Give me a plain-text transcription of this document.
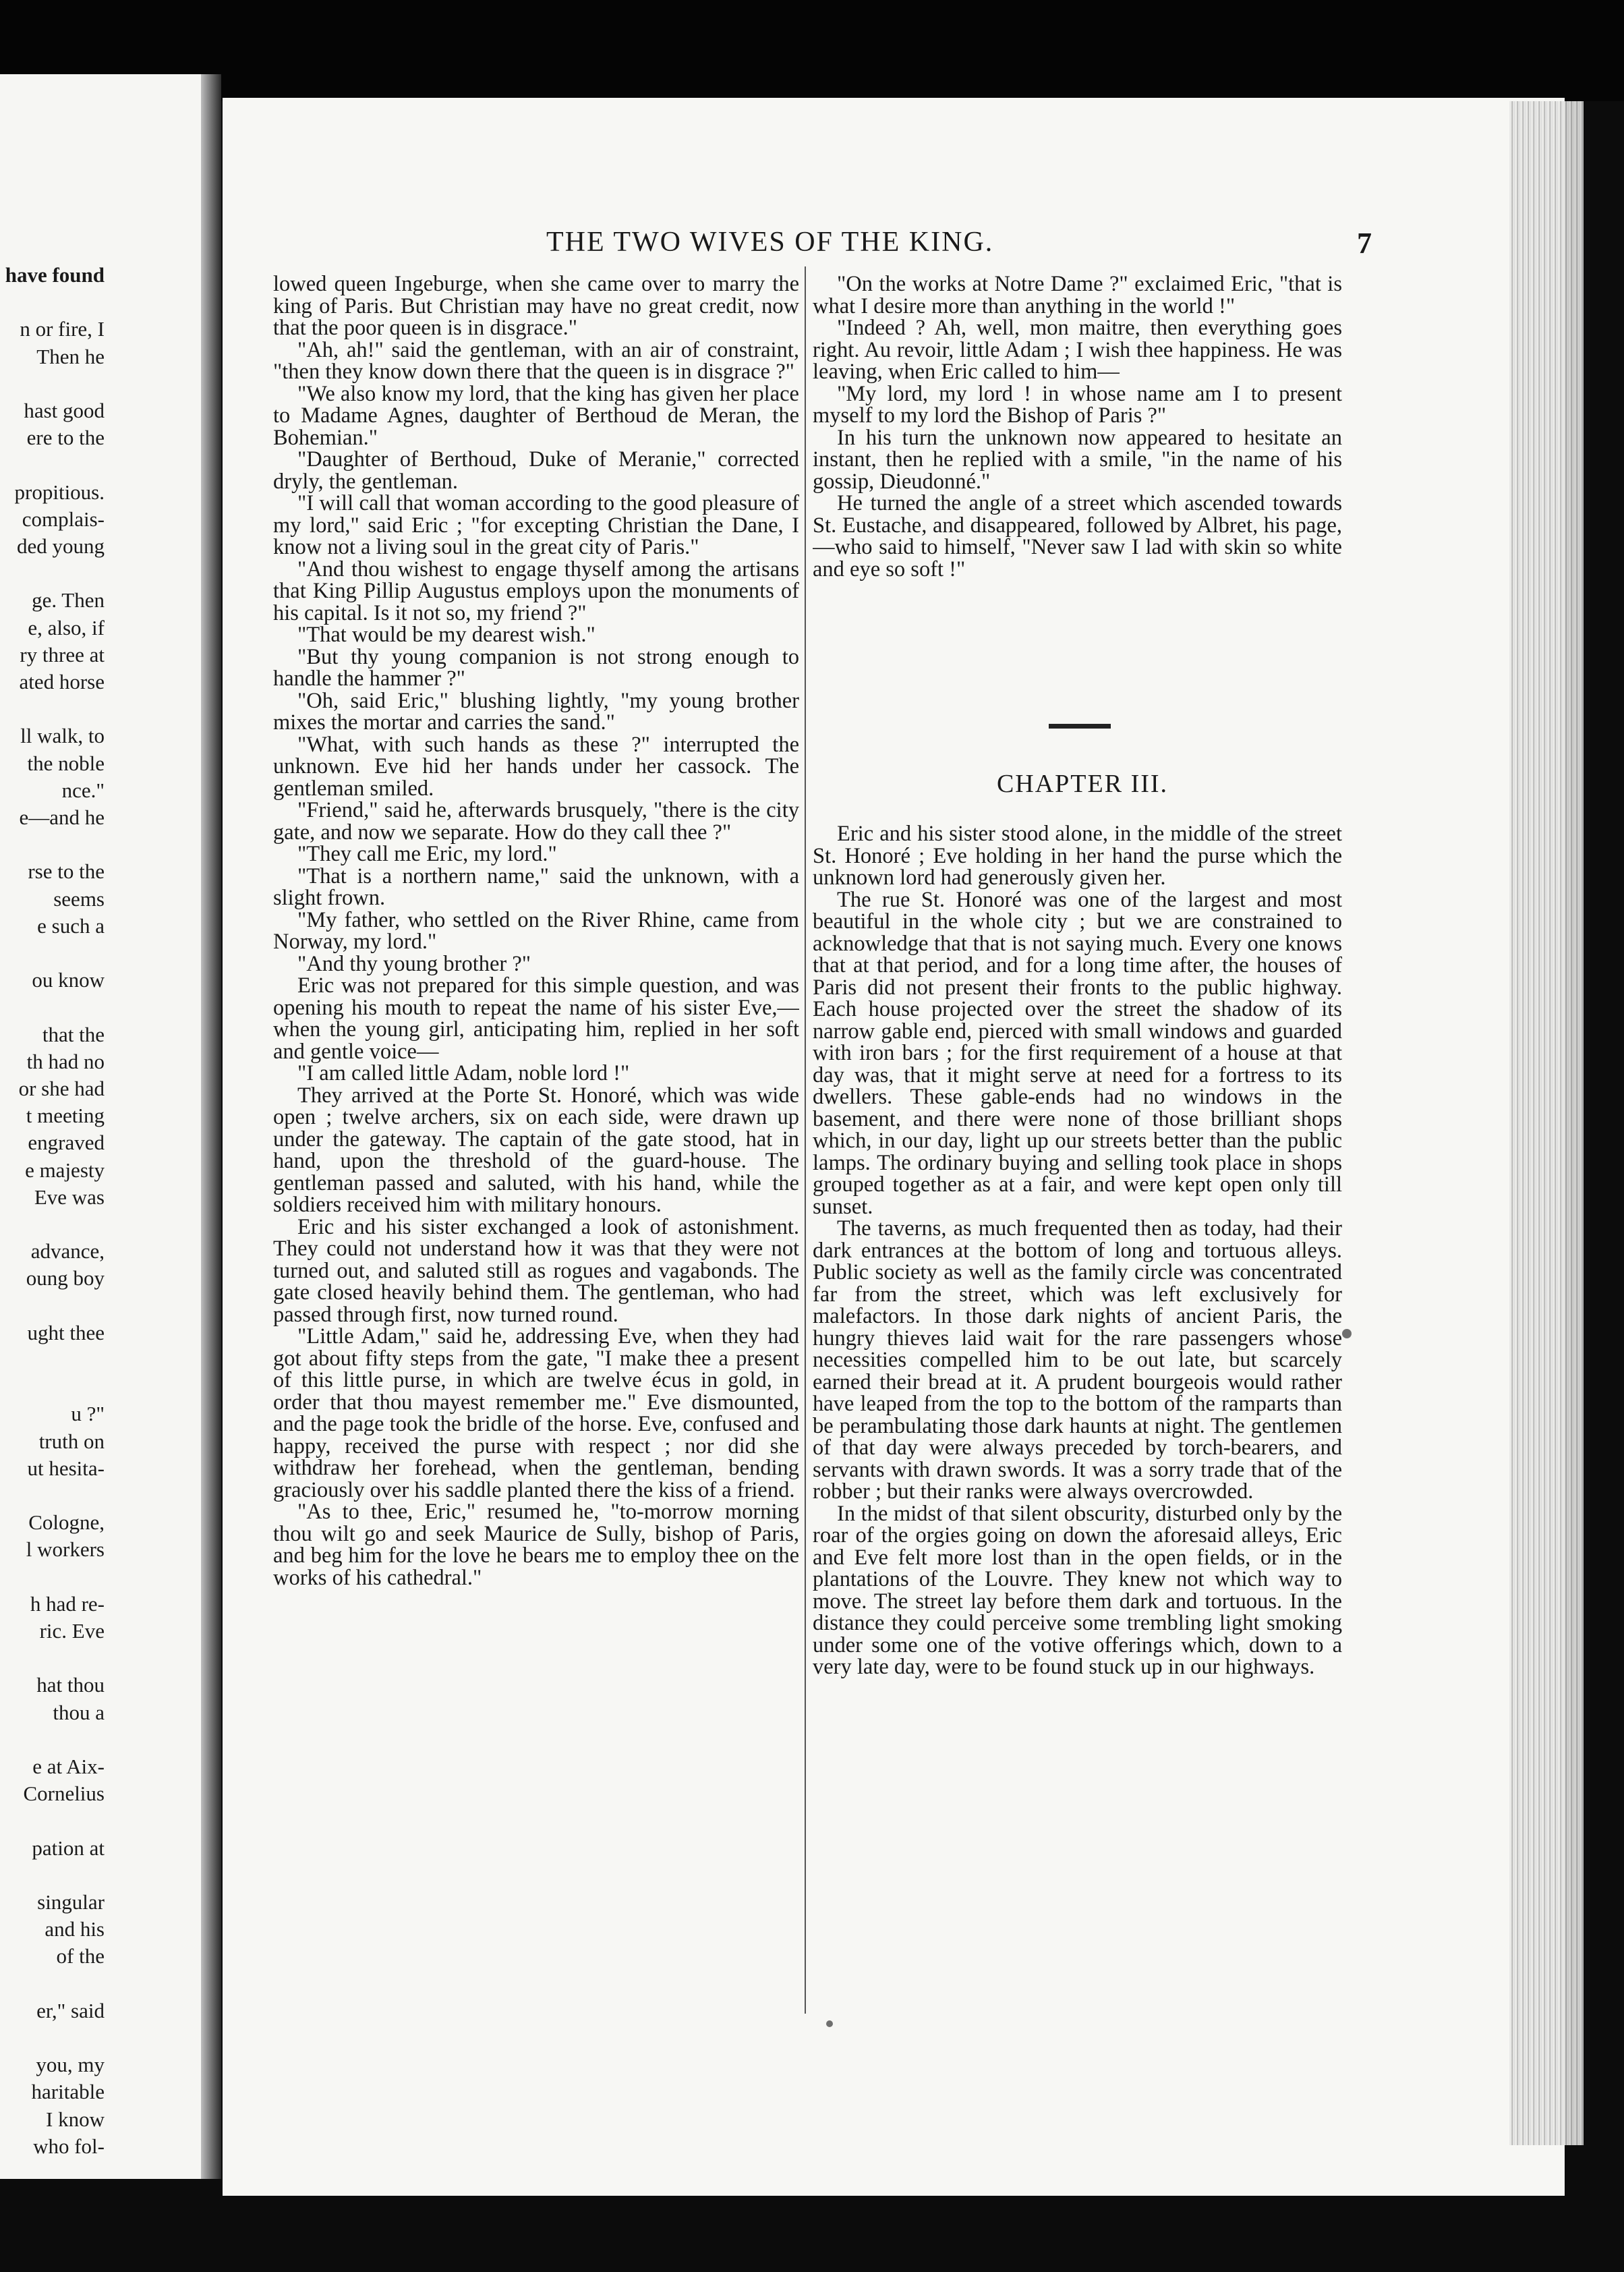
have found
n or fire, I
Then he
hast good
ere to the
propitious.
complais-
ded young
ge. Then
e, also, if
ry three at
ated horse
ll walk, to
the noble
nce."
e—and he
rse to the
seems
e such a
ou know
that the
th had no
or she had
t meeting
engraved
e majesty
Eve was
advance,
oung boy
ught thee
u ?"
truth on
ut hesita-
Cologne,
l workers
h had re-
ric. Eve
hat thou
thou a
e at Aix-
Cornelius
pation at
singular
and his
of the
er," said
you, my
haritable
I know
who fol-
THE TWO WIVES OF THE KING.	7

lowed queen Ingeburge, when she came over to marry the king of Paris. But Christian may have no great credit, now that the poor queen is in disgrace."

"Ah, ah!" said the gentleman, with an air of constraint, "then they know down there that the queen is in disgrace ?"

"We also know my lord, that the king has given her place to Madame Agnes, daughter of Berthoud de Meran, the Bohemian."

"Daughter of Berthoud, Duke of Meranie," corrected dryly, the gentleman.

"I will call that woman according to the good pleasure of my lord," said Eric ; "for excepting Christian the Dane, I know not a living soul in the great city of Paris."

"And thou wishest to engage thyself among the artisans that King Pillip Augustus employs upon the monuments of his capital. Is it not so, my friend ?"

"That would be my dearest wish."

"But thy young companion is not strong enough to handle the hammer ?"

"Oh, said Eric," blushing lightly, "my young brother mixes the mortar and carries the sand."

"What, with such hands as these ?" interrupted the unknown. Eve hid her hands under her cassock. The gentleman smiled.

"Friend," said he, afterwards brusquely, "there is the city gate, and now we separate. How do they call thee ?"

"They call me Eric, my lord."

"That is a northern name," said the unknown, with a slight frown.

"My father, who settled on the River Rhine, came from Norway, my lord."

"And thy young brother ?"

Eric was not prepared for this simple question, and was opening his mouth to repeat the name of his sister Eve,—when the young girl, anticipating him, replied in her soft and gentle voice—

"I am called little Adam, noble lord !"

They arrived at the Porte St. Honoré, which was wide open ; twelve archers, six on each side, were drawn up under the gateway. The captain of the gate stood, hat in hand, upon the threshold of the guard-house. The gentleman passed and saluted, with his hand, while the soldiers received him with military honours.

Eric and his sister exchanged a look of astonishment. They could not understand how it was that they were not turned out, and saluted still as rogues and vagabonds. The gate closed heavily behind them. The gentleman, who had passed through first, now turned round.

"Little Adam," said he, addressing Eve, when they had got about fifty steps from the gate, "I make thee a present of this little purse, in which are twelve écus in gold, in order that thou mayest remember me." Eve dismounted, and the page took the bridle of the horse. Eve, confused and happy, received the purse with respect ; nor did she withdraw her forehead, when the gentleman, bending graciously over his saddle planted there the kiss of a friend.

"As to thee, Eric," resumed he, "to-morrow morning thou wilt go and seek Maurice de Sully, bishop of Paris, and beg him for the love he bears me to employ thee on the works of his cathedral."

"On the works at Notre Dame ?" exclaimed Eric, "that is what I desire more than anything in the world !"

"Indeed ? Ah, well, mon maitre, then everything goes right. Au revoir, little Adam ; I wish thee happiness. He was leaving, when Eric called to him—

"My lord, my lord ! in whose name am I to present myself to my lord the Bishop of Paris ?"

In his turn the unknown now appeared to hesitate an instant, then he replied with a smile, "in the name of his gossip, Dieudonné."

He turned the angle of a street which ascended towards St. Eustache, and disappeared, followed by Albret, his page,—who said to himself, "Never saw I lad with skin so white and eye so soft !"

CHAPTER III.

Eric and his sister stood alone, in the middle of the street St. Honoré ; Eve holding in her hand the purse which the unknown lord had generously given her.

The rue St. Honoré was one of the largest and most beautiful in the whole city ; but we are constrained to acknowledge that that is not saying much. Every one knows that at that period, and for a long time after, the houses of Paris did not present their fronts to the public highway. Each house projected over the street the shadow of its narrow gable end, pierced with small windows and guarded with iron bars ; for the first requirement of a house at that day was, that it might serve at need for a fortress to its dwellers. These gable-ends had no windows in the basement, and there were none of those brilliant shops which, in our day, light up our streets better than the public lamps. The ordinary buying and selling took place in shops grouped together as at a fair, and were kept open only till sunset.

The taverns, as much frequented then as today, had their dark entrances at the bottom of long and tortuous alleys. Public society as well as the family circle was concentrated far from the street, which was left exclusively for malefactors. In those dark nights of ancient Paris, the hungry thieves laid wait for the rare passengers whose necessities compelled him to be out late, but scarcely earned their bread at it. A prudent bourgeois would rather have leaped from the top to the bottom of the ramparts than be perambulating those dark haunts at night. The gentlemen of that day were always preceded by torch-bearers, and servants with drawn swords. It was a sorry trade that of the robber ; but their ranks were always overcrowded.

In the midst of that silent obscurity, disturbed only by the roar of the orgies going on down the aforesaid alleys, Eric and Eve felt more lost than in the open fields, or in the plantations of the Louvre. They knew not which way to move. The street lay before them dark and tortuous. In the distance they could perceive some trembling light smoking under some one of the votive offerings which, down to a very late day, were to be found stuck up in our highways.
